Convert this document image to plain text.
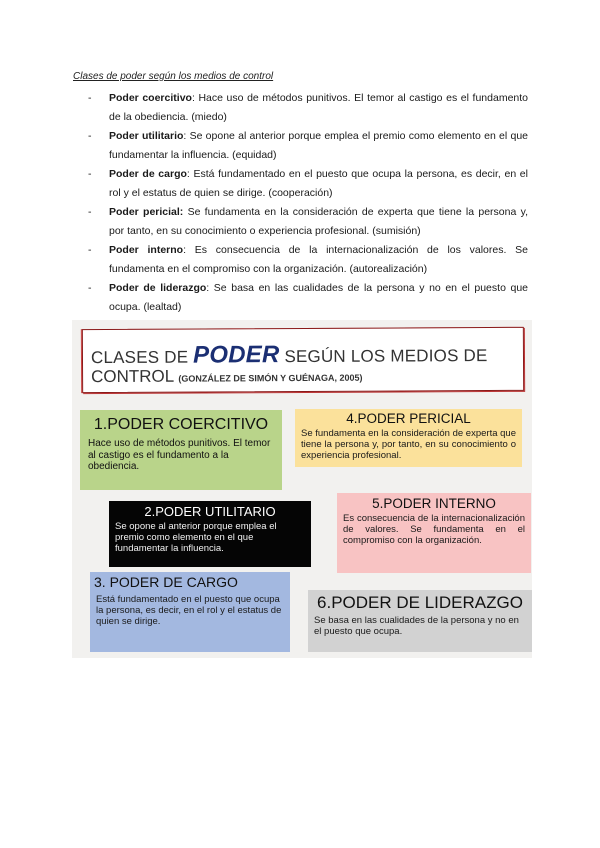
Clases de poder según los medios de control
- Poder coercitivo: Hace uso de métodos punitivos. El temor al castigo es el fundamento de la obediencia. (miedo)
- Poder utilitario: Se opone al anterior porque emplea el premio como elemento en el que fundamentar la influencia. (equidad)
- Poder de cargo: Está fundamentado en el puesto que ocupa la persona, es decir, en el rol y el estatus de quien se dirige. (cooperación)
- Poder pericial: Se fundamenta en la consideración de experta que tiene la persona y, por tanto, en su conocimiento o experiencia profesional. (sumisión)
- Poder interno: Es consecuencia de la internacionalización de los valores. Se fundamenta en el compromiso con la organización. (autorealización)
- Poder de liderazgo: Se basa en las cualidades de la persona y no en el puesto que ocupa. (lealtad)
CLASES DE PODER SEGÚN LOS MEDIOS DE
CONTROL (GONZÁLEZ DE SIMÓN Y GUÉNAGA, 2005)
1.PODER COERCITIVO
Hace uso de métodos punitivos. El temor al castigo es el fundamento a la obediencia.
4.PODER PERICIAL
Se fundamenta en la consideración de experta que tiene la persona y, por tanto, en su conocimiento o experiencia profesional.
2.PODER UTILITARIO
Se opone al anterior porque emplea el premio como elemento en el que fundamentar la influencia.
5.PODER INTERNO
Es consecuencia de la internacionalización de valores. Se fundamenta en el compromiso con la organización.
3. PODER DE CARGO
Está fundamentado en el puesto que ocupa la persona, es decir, en el rol y el estatus de quien se dirige.
6.PODER DE LIDERAZGO
Se basa en las cualidades de la persona y no en el puesto que ocupa.
